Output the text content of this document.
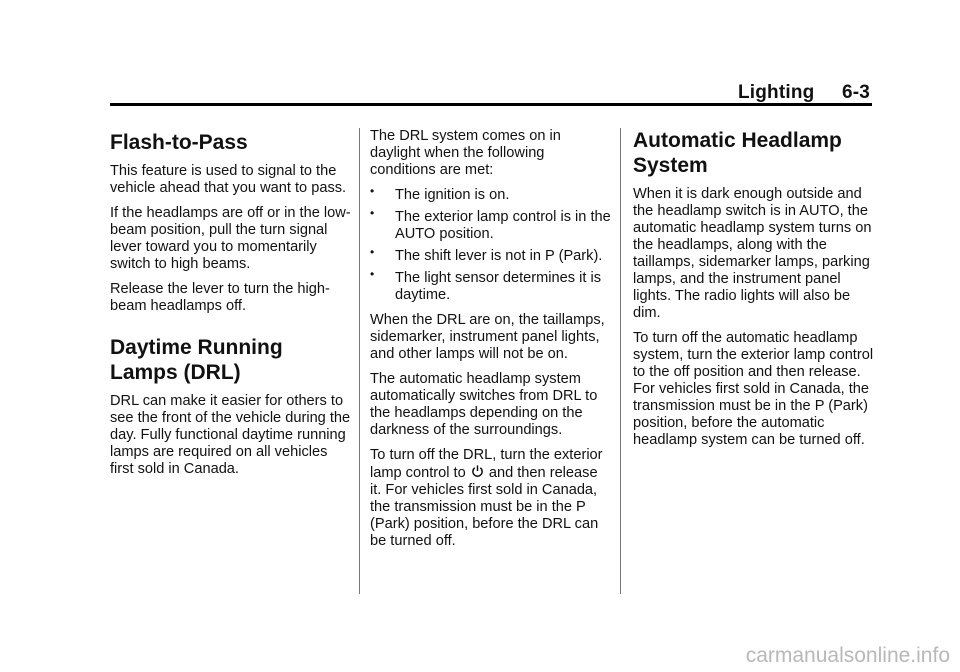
Lighting 6-3
Flash-to-Pass

This feature is used to signal to the vehicle ahead that you want to pass.

If the headlamps are off or in the low-beam position, pull the turn signal lever toward you to momentarily switch to high beams.

Release the lever to turn the high-beam headlamps off.

Daytime Running Lamps (DRL)

DRL can make it easier for others to see the front of the vehicle during the day. Fully functional daytime running lamps are required on all vehicles first sold in Canada.

The DRL system comes on in daylight when the following conditions are met:

• The ignition is on.
• The exterior lamp control is in the AUTO position.
• The shift lever is not in P (Park).
• The light sensor determines it is daytime.

When the DRL are on, the taillamps, sidemarker, instrument panel lights, and other lamps will not be on.

The automatic headlamp system automatically switches from DRL to the headlamps depending on the darkness of the surroundings.

To turn off the DRL, turn the exterior lamp control to and then release it. For vehicles first sold in Canada, the transmission must be in the P (Park) position, before the DRL can be turned off.

Automatic Headlamp System

When it is dark enough outside and the headlamp switch is in AUTO, the automatic headlamp system turns on the headlamps, along with the taillamps, sidemarker lamps, parking lamps, and the instrument panel lights. The radio lights will also be dim.

To turn off the automatic headlamp system, turn the exterior lamp control to the off position and then release. For vehicles first sold in Canada, the transmission must be in the P (Park) position, before the automatic headlamp system can be turned off.

carmanualsonline.info
